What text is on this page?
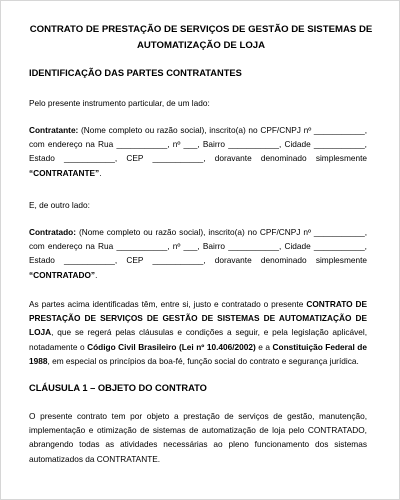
CONTRATO DE PRESTAÇÃO DE SERVIÇOS DE GESTÃO DE SISTEMAS DE
AUTOMATIZAÇÃO DE LOJA
IDENTIFICAÇÃO DAS PARTES CONTRATANTES
Pelo presente instrumento particular, de um lado:
Contratante: (Nome completo ou razão social), inscrito(a) no CPF/CNPJ nº ___________,
com endereço na Rua ___________, nº ___, Bairro ___________, Cidade ___________,
Estado ___________, CEP ___________, doravante denominado simplesmente
“CONTRATANTE”.
E, de outro lado:
Contratado: (Nome completo ou razão social), inscrito(a) no CPF/CNPJ nº ___________,
com endereço na Rua ___________, nº ___, Bairro ___________, Cidade ___________,
Estado ___________, CEP ___________, doravante denominado simplesmente
“CONTRATADO”.
As partes acima identificadas têm, entre si, justo e contratado o presente CONTRATO DE
PRESTAÇÃO DE SERVIÇOS DE GESTÃO DE SISTEMAS DE AUTOMATIZAÇÃO DE
LOJA, que se regerá pelas cláusulas e condições a seguir, e pela legislação aplicável,
notadamente o Código Civil Brasileiro (Lei nº 10.406/2002) e a Constituição Federal de
1988, em especial os princípios da boa-fé, função social do contrato e segurança jurídica.
CLÁUSULA 1 – OBJETO DO CONTRATO
O presente contrato tem por objeto a prestação de serviços de gestão, manutenção,
implementação e otimização de sistemas de automatização de loja pelo CONTRATADO,
abrangendo todas as atividades necessárias ao pleno funcionamento dos sistemas
automatizados da CONTRATANTE.
